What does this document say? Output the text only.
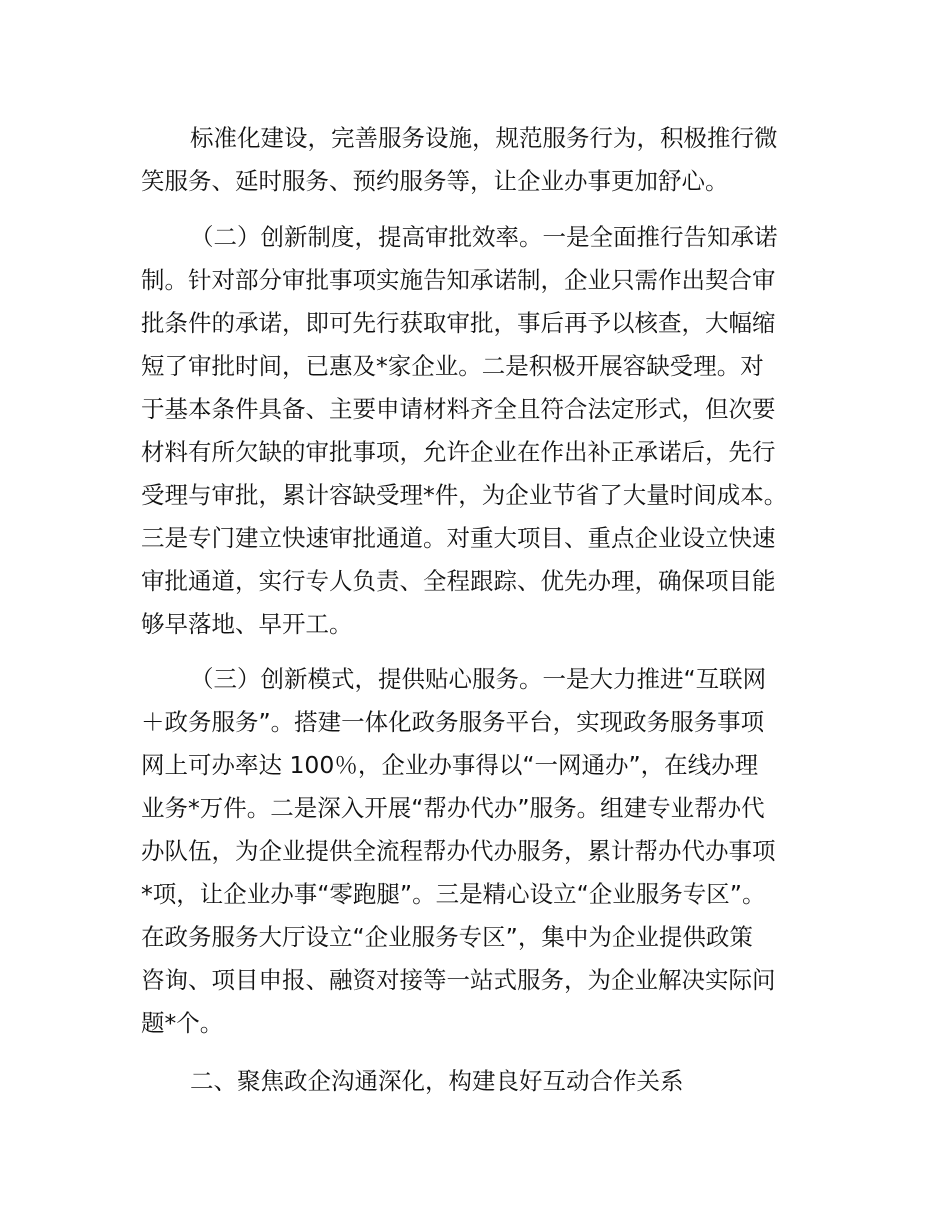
标准化建设，完善服务设施，规范服务行为，积极推行微
笑服务、延时服务、预约服务等，让企业办事更加舒心。
（二）创新制度，提高审批效率。一是全面推行告知承诺
制。针对部分审批事项实施告知承诺制，企业只需作出契合审
批条件的承诺，即可先行获取审批，事后再予以核查，大幅缩
短了审批时间，已惠及*家企业。二是积极开展容缺受理。对
于基本条件具备、主要申请材料齐全且符合法定形式，但次要
材料有所欠缺的审批事项，允许企业在作出补正承诺后，先行
受理与审批，累计容缺受理*件，为企业节省了大量时间成本。
三是专门建立快速审批通道。对重大项目、重点企业设立快速
审批通道，实行专人负责、全程跟踪、优先办理，确保项目能
够早落地、早开工。
（三）创新模式，提供贴心服务。一是大力推进“互联网
＋政务服务”。搭建一体化政务服务平台，实现政务服务事项
网上可办率达 100％，企业办事得以“一网通办”，在线办理
业务*万件。二是深入开展“帮办代办”服务。组建专业帮办代
办队伍，为企业提供全流程帮办代办服务，累计帮办代办事项
*项，让企业办事“零跑腿”。三是精心设立“企业服务专区”。
在政务服务大厅设立“企业服务专区”，集中为企业提供政策
咨询、项目申报、融资对接等一站式服务，为企业解决实际问
题*个。
二、聚焦政企沟通深化，构建良好互动合作关系
